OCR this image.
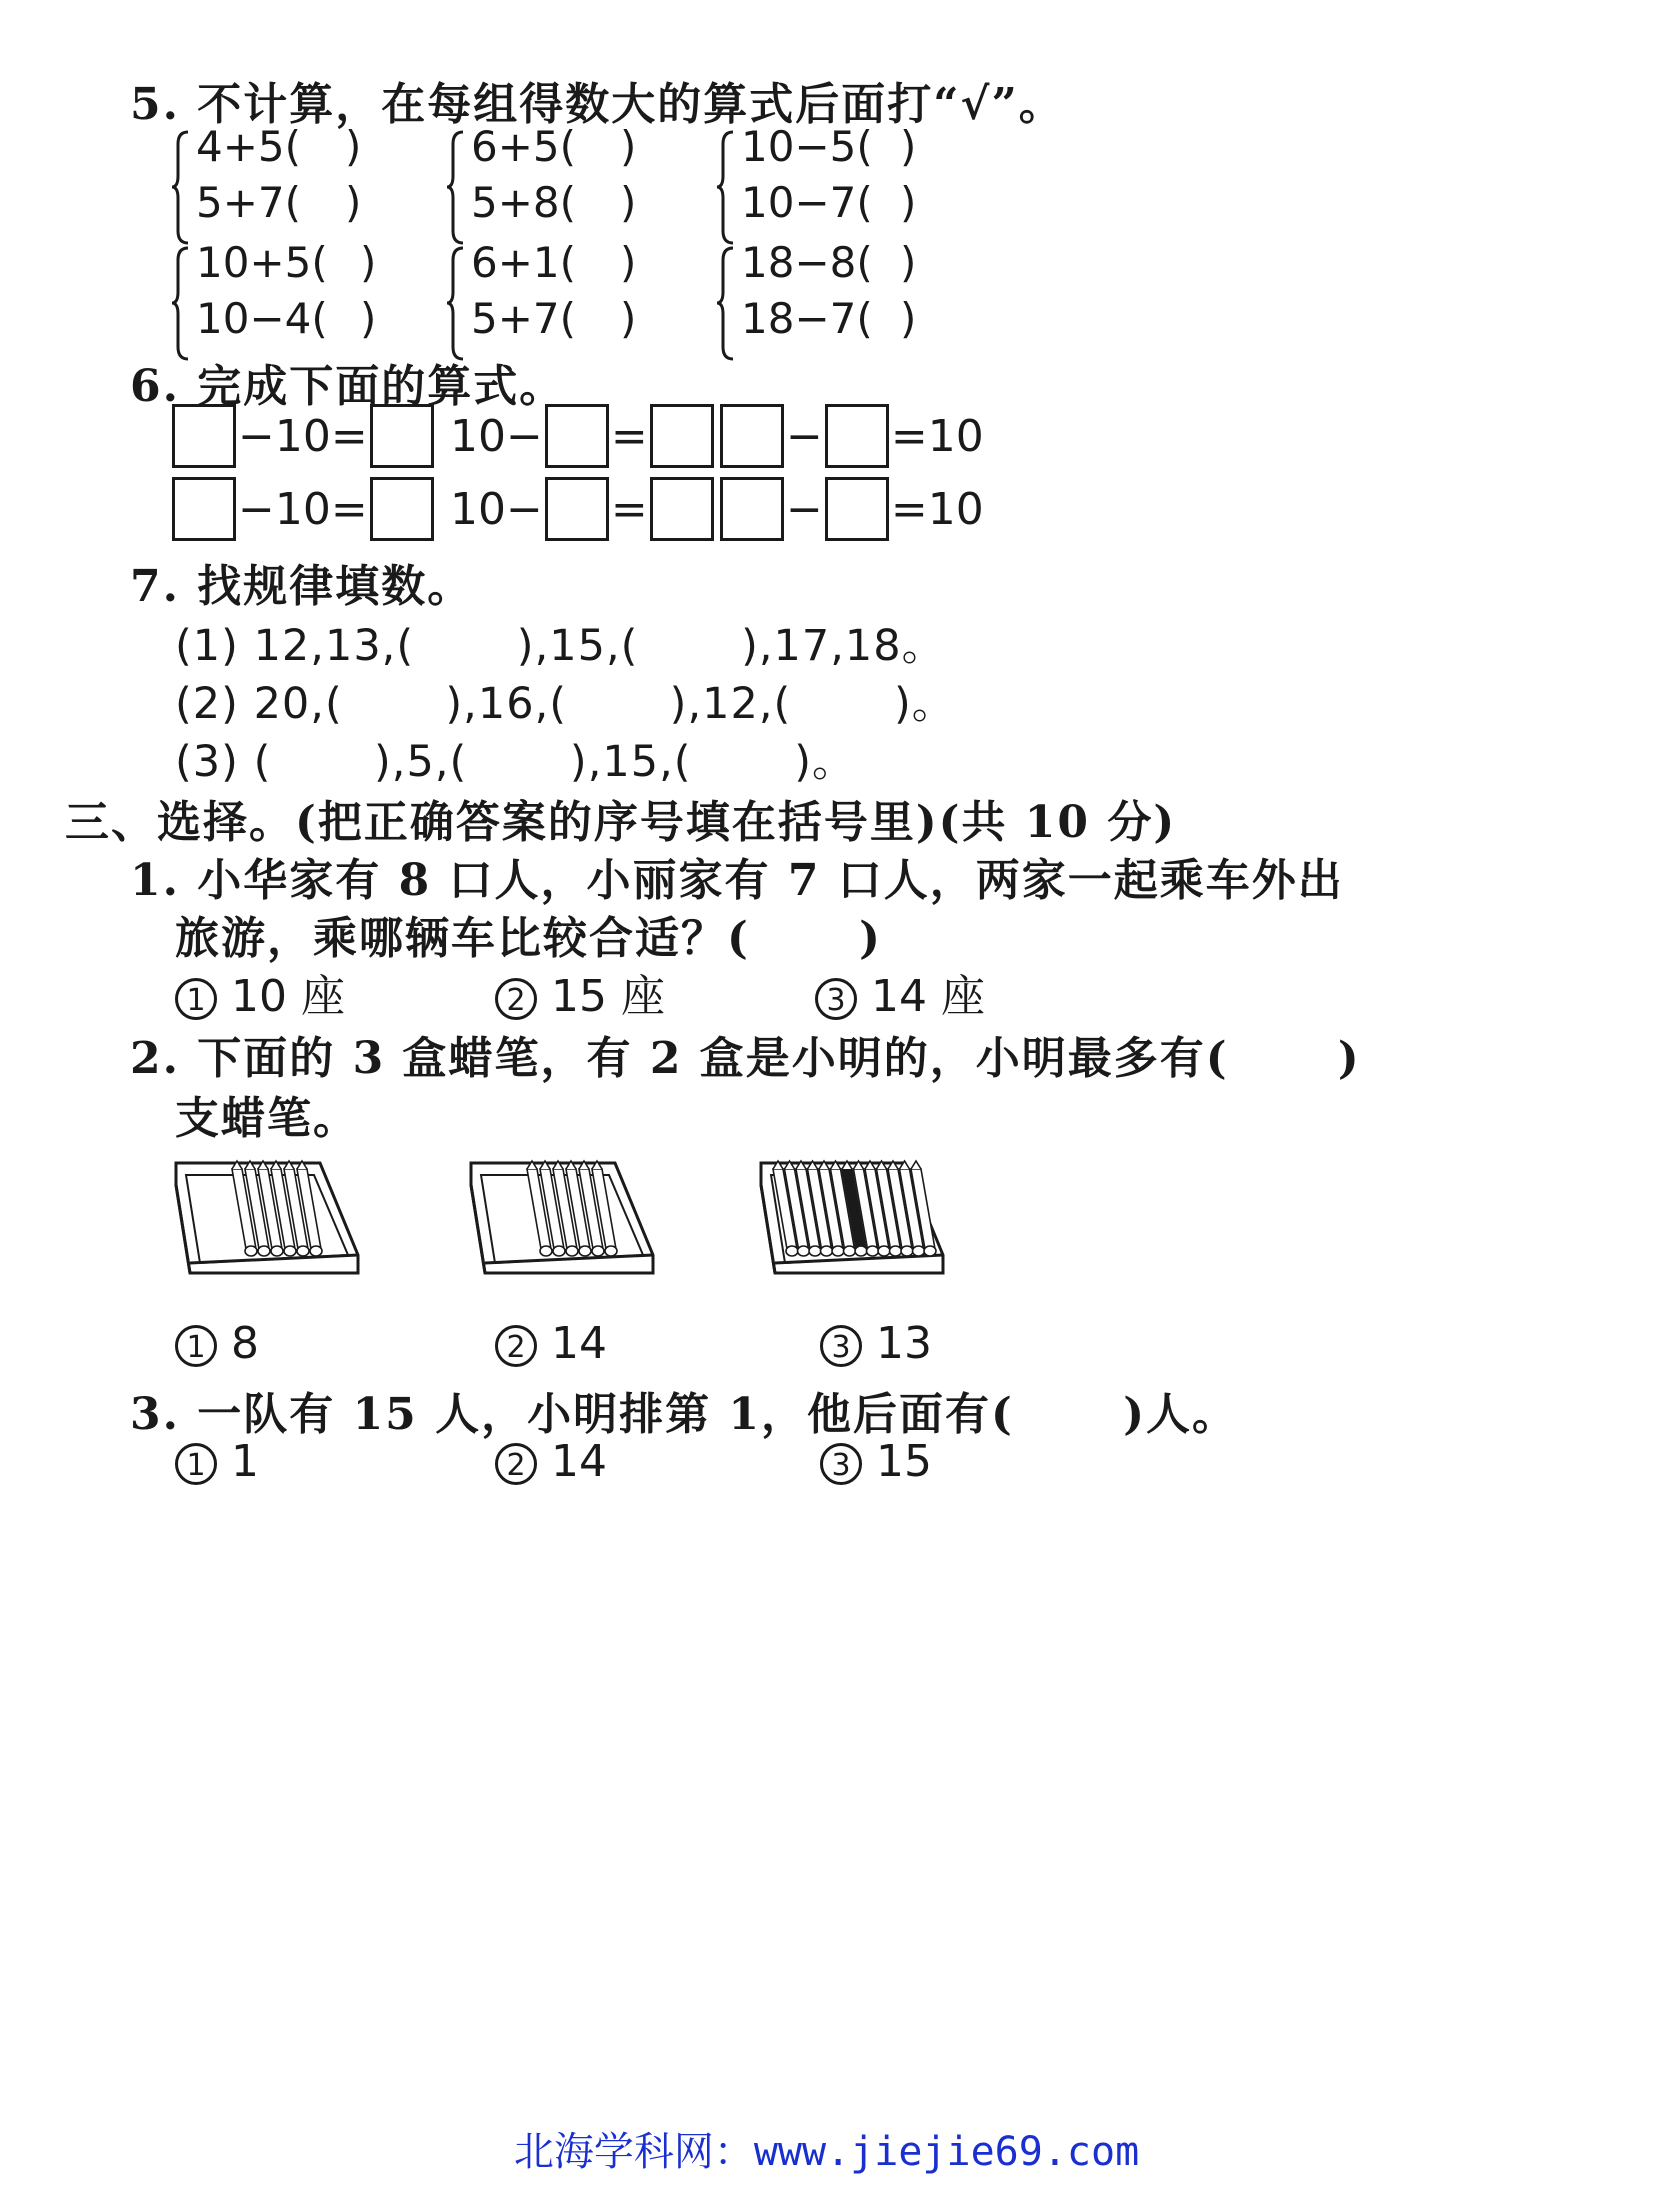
5. 不计算，在每组得数大的算式后面打“√”。
4+5( )
5+7( )
6+5( )
5+8( )
10−5( )
10−7( )
10+5( )
10−4( )
6+1( )
5+7( )
18−8( )
18−7( )
6. 完成下面的算式。
−10= 10− =	− =10
−10= 10− =	− =10
7. 找规律填数。
(1) 12,13,(　　 ),15,(　　 ),17,18。
(2) 20,(　　 ),16,(　　 ),12,(　　 )。
(3) (　　 ),5,(　　 ),15,(　　 )。
三、选择。(把正确答案的序号填在括号里)(共 10 分)
1. 小华家有 8 口人，小丽家有 7 口人，两家一起乘车外出
旅游，乘哪辆车比较合适？(　　 )
1 10 座	2 15 座	3 14 座
2. 下面的 3 盒蜡笔，有 2 盒是小明的，小明最多有(　　 )
支蜡笔。
1 8	2 14	3 13
3. 一队有 15 人，小明排第 1，他后面有(　　 )人。
1 1	2 14	3 15
北海学科网：www.jiejie69.com
